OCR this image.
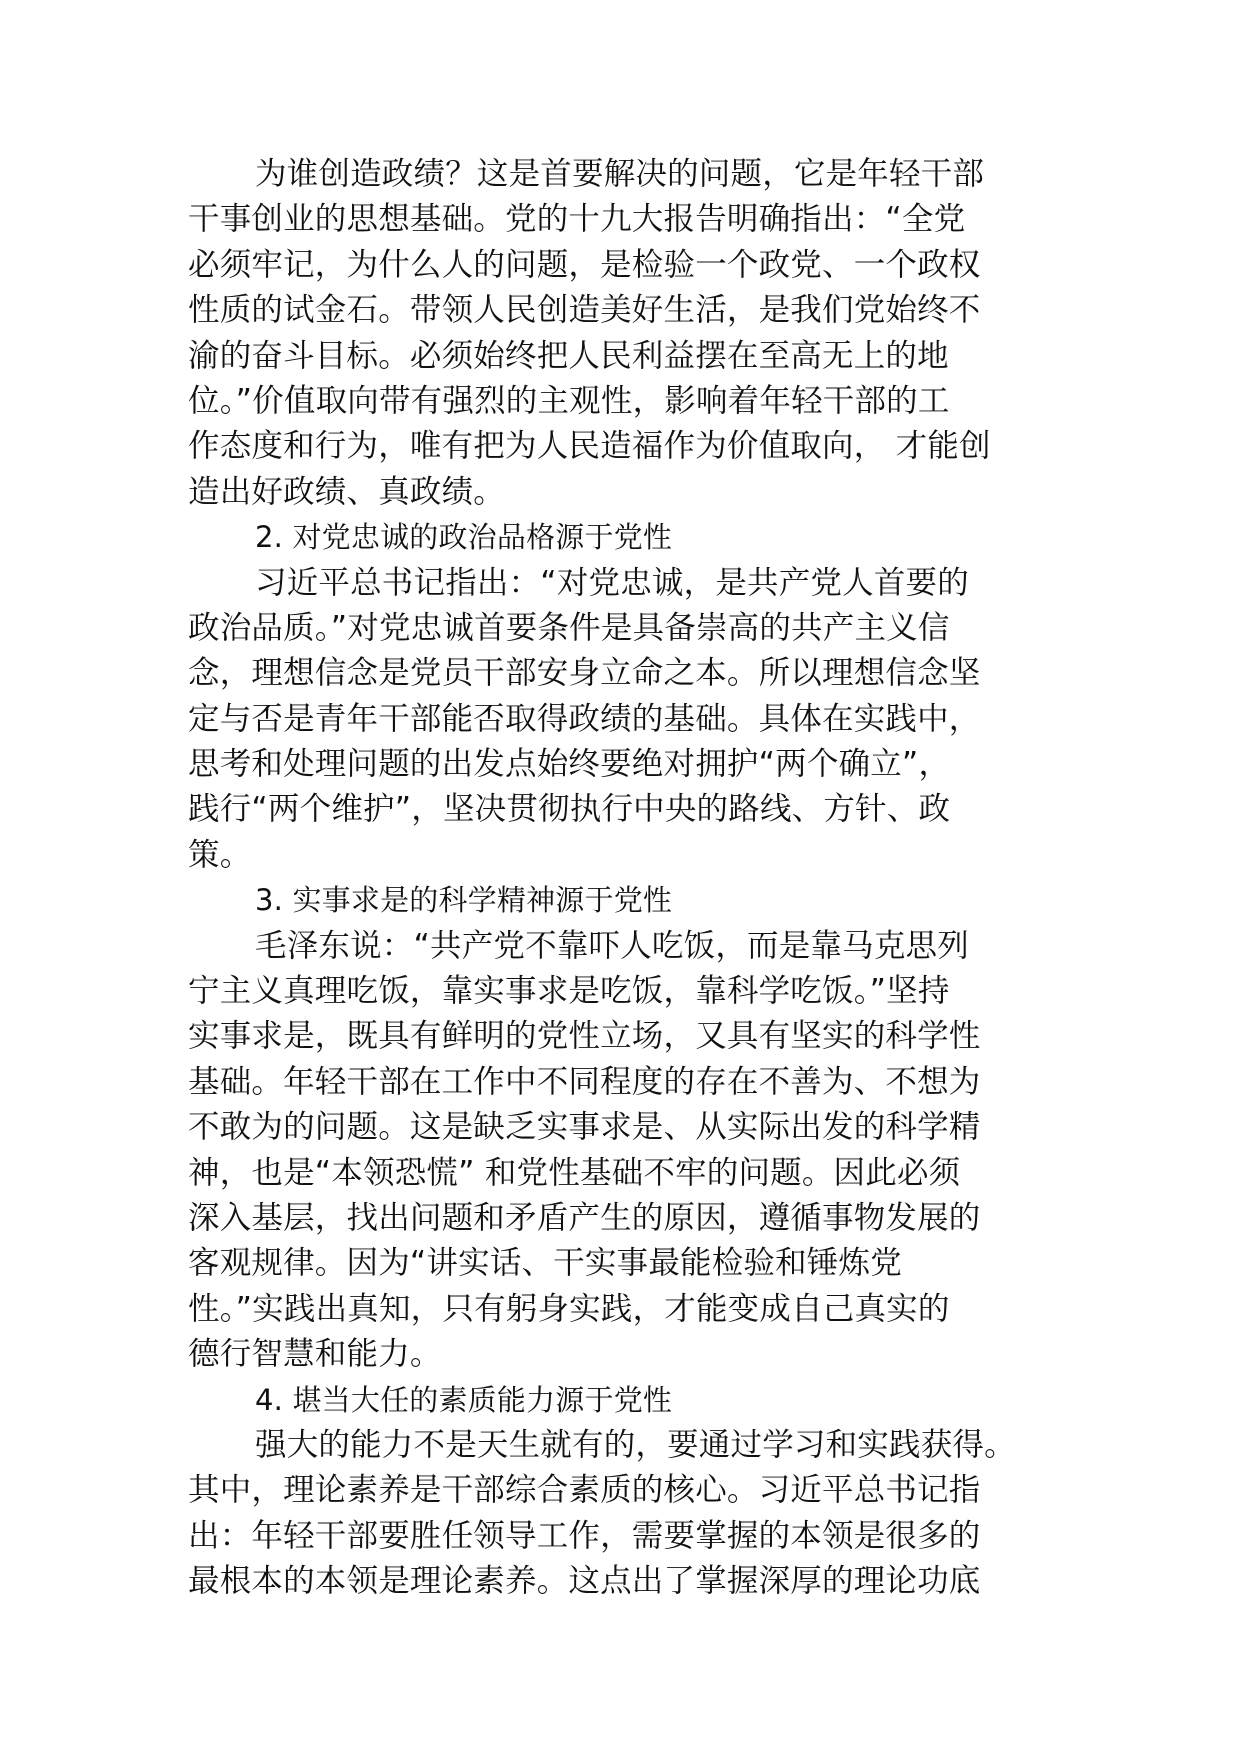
为谁创造政绩？这是首要解决的问题，它是年轻干部
干事创业的思想基础。党的十九大报告明确指出：“全党
必须牢记，为什么人的问题，是检验一个政党、一个政权
性质的试金石。带领人民创造美好生活，是我们党始终不
渝的奋斗目标。必须始终把人民利益摆在至高无上的地
位。”价值取向带有强烈的主观性，影响着年轻干部的工
作态度和行为，唯有把为人民造福作为价值取向， 才能创
造出好政绩、真政绩。
2. 对党忠诚的政治品格源于党性
习近平总书记指出：“对党忠诚，是共产党人首要的
政治品质。”对党忠诚首要条件是具备崇高的共产主义信
念，理想信念是党员干部安身立命之本。所以理想信念坚
定与否是青年干部能否取得政绩的基础。具体在实践中，
思考和处理问题的出发点始终要绝对拥护“两个确立”，
践行“两个维护”，坚决贯彻执行中央的路线、方针、政
策。
3. 实事求是的科学精神源于党性
毛泽东说：“共产党不靠吓人吃饭，而是靠马克思列
宁主义真理吃饭，靠实事求是吃饭，靠科学吃饭。”坚持
实事求是，既具有鲜明的党性立场，又具有坚实的科学性
基础。年轻干部在工作中不同程度的存在不善为、不想为
不敢为的问题。这是缺乏实事求是、从实际出发的科学精
神，也是“本领恐慌” 和党性基础不牢的问题。因此必须
深入基层，找出问题和矛盾产生的原因，遵循事物发展的
客观规律。因为“讲实话、干实事最能检验和锤炼党
性。”实践出真知，只有躬身实践，才能变成自己真实的
德行智慧和能力。
4. 堪当大任的素质能力源于党性
强大的能力不是天生就有的，要通过学习和实践获得。
其中，理论素养是干部综合素质的核心。习近平总书记指
出：年轻干部要胜任领导工作，需要掌握的本领是很多的
最根本的本领是理论素养。这点出了掌握深厚的理论功底
